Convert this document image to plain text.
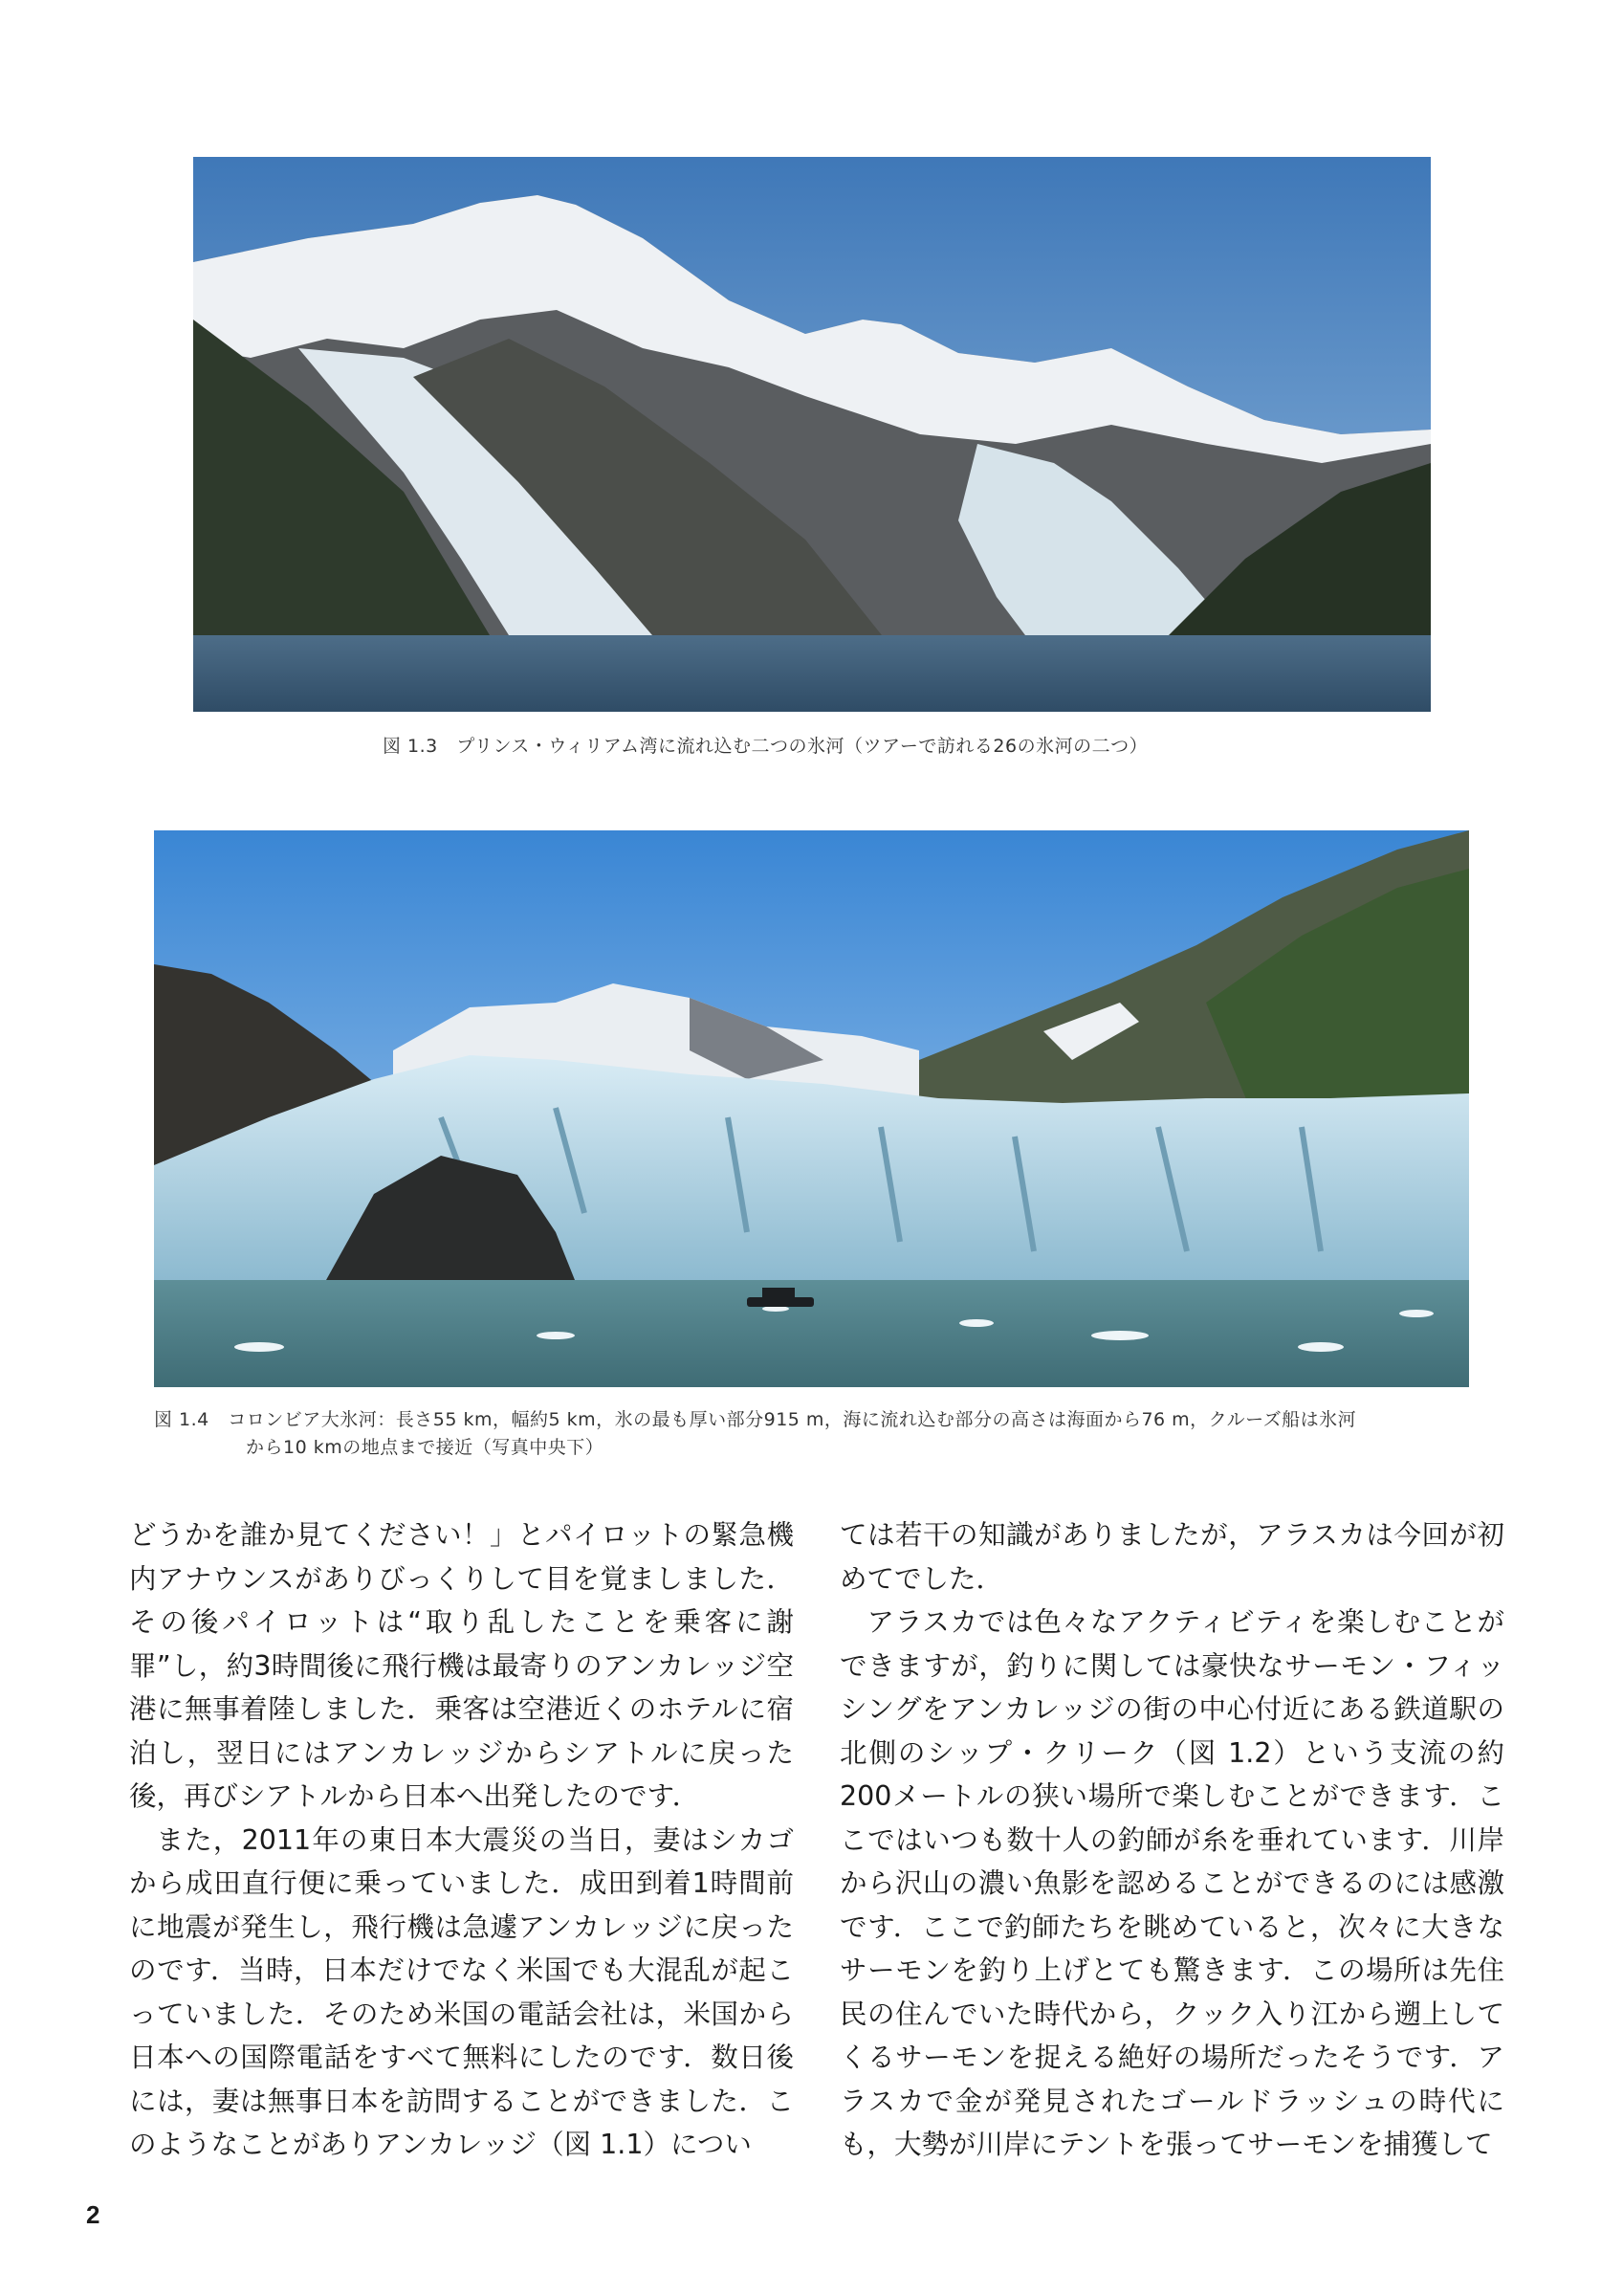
図 1.3　プリンス・ウィリアム湾に流れ込む二つの氷河（ツアーで訪れる26の氷河の二つ）
図 1.4　コロンビア大氷河：長さ55 km，幅約5 km，氷の最も厚い部分915 m，海に流れ込む部分の高さは海面から76 m，クルーズ船は氷河
から10 kmの地点まで接近（写真中央下）

どうかを誰か見てください！」とパイロットの緊急機内アナウンスがありびっくりして目を覚ましました．その後パイロットは“取り乱したことを乗客に謝罪”し，約3時間後に飛行機は最寄りのアンカレッジ空港に無事着陸しました．乗客は空港近くのホテルに宿泊し，翌日にはアンカレッジからシアトルに戻った後，再びシアトルから日本へ出発したのです．

また，2011年の東日本大震災の当日，妻はシカゴから成田直行便に乗っていました．成田到着1時間前に地震が発生し，飛行機は急遽アンカレッジに戻ったのです．当時，日本だけでなく米国でも大混乱が起こっていました．そのため米国の電話会社は，米国から日本への国際電話をすべて無料にしたのです．数日後には，妻は無事日本を訪問することができました．このようなことがありアンカレッジ（図 1.1）につい

ては若干の知識がありましたが，アラスカは今回が初めてでした．

アラスカでは色々なアクティビティを楽しむことができますが，釣りに関しては豪快なサーモン・フィッシングをアンカレッジの街の中心付近にある鉄道駅の北側のシップ・クリーク（図 1.2）という支流の約200メートルの狭い場所で楽しむことができます．ここではいつも数十人の釣師が糸を垂れています．川岸から沢山の濃い魚影を認めることができるのには感激です．ここで釣師たちを眺めていると，次々に大きなサーモンを釣り上げとても驚きます．この場所は先住民の住んでいた時代から，クック入り江から遡上してくるサーモンを捉える絶好の場所だったそうです．アラスカで金が発見されたゴールドラッシュの時代にも，大勢が川岸にテントを張ってサーモンを捕獲して

2
